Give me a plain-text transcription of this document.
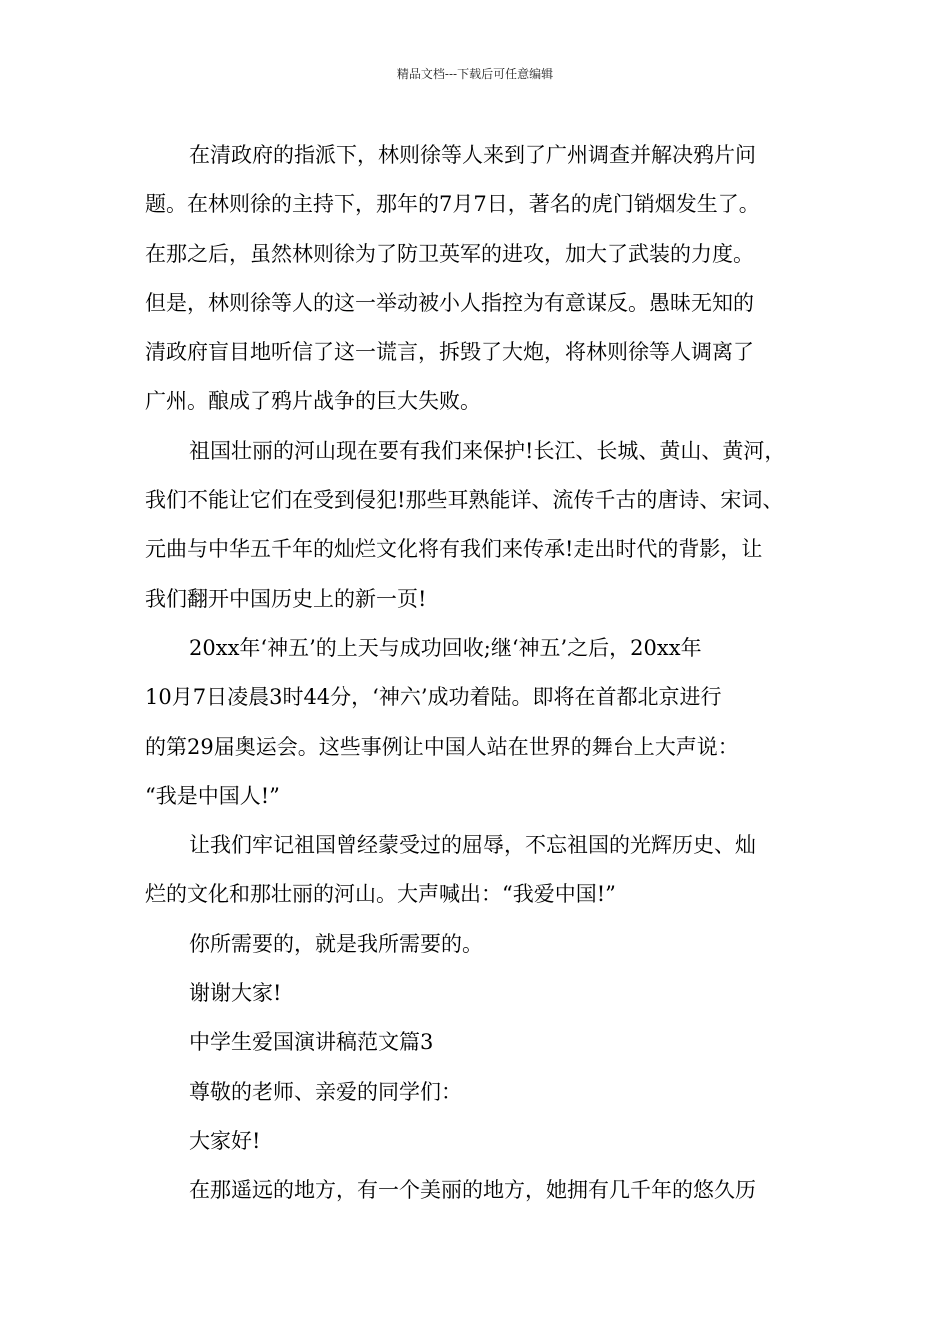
精品文档---下载后可任意编辑

在清政府的指派下，林则徐等人来到了广州调查并解决鸦片问

题。在林则徐的主持下，那年的7月7日，著名的虎门销烟发生了。

在那之后，虽然林则徐为了防卫英军的进攻，加大了武装的力度。

但是，林则徐等人的这一举动被小人指控为有意谋反。愚昧无知的

清政府盲目地听信了这一谎言，拆毁了大炮，将林则徐等人调离了

广州。酿成了鸦片战争的巨大失败。

祖国壮丽的河山现在要有我们来保护!长江、长城、黄山、黄河，

我们不能让它们在受到侵犯!那些耳熟能详、流传千古的唐诗、宋词、

元曲与中华五千年的灿烂文化将有我们来传承!走出时代的背影，让

我们翻开中国历史上的新一页!

20xx年‘神五’的上天与成功回收;继‘神五’之后，20xx年

10月7日凌晨3时44分，‘神六’成功着陆。即将在首都北京进行

的第29届奥运会。这些事例让中国人站在世界的舞台上大声说：

“我是中国人!”

让我们牢记祖国曾经蒙受过的屈辱，不忘祖国的光辉历史、灿

烂的文化和那壮丽的河山。大声喊出：“我爱中国!”

你所需要的，就是我所需要的。

谢谢大家!

中学生爱国演讲稿范文篇3

尊敬的老师、亲爱的同学们：

大家好!

在那遥远的地方，有一个美丽的地方，她拥有几千年的悠久历
